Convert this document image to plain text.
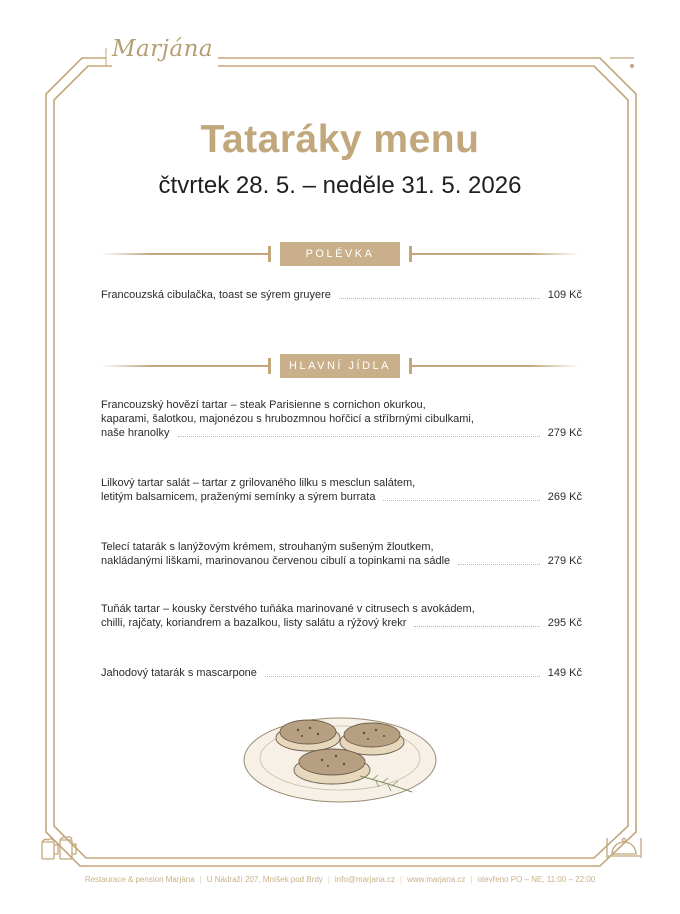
Marjána
Tataráky menu
čtvrtek 28. 5. – neděle 31. 5. 2026
POLÉVKA
Francouzská cibulačka, toast se sýrem gruyere	109 Kč
HLAVNÍ JÍDLA
Francouzský hovězí tartar – steak Parisienne s cornichon okurkou,
kaparami, šalotkou, majonézou s hrubozmnou hořčicí a stříbrnými cibulkami,
naše hranolky	279 Kč
Lilkový tartar salát – tartar z grilovaného lilku s mesclun salátem,
letitým balsamicem, praženými semínky a sýrem burrata	269 Kč
Telecí tatarák s lanýžovým krémem, strouhaným sušeným žloutkem,
nakládanými liškami, marinovanou červenou cibulí a topinkami na sádle	279 Kč
Tuňák tartar – kousky čerstvého tuňáka marinované v citrusech s avokádem,
chilli, rajčaty, koriandrem a bazalkou, listy salátu a rýžový krekr	295 Kč
Jahodový tatarák s mascarpone	149 Kč
Restaurace & pension Marjána | U Nádraží 207, Mníšek pod Brdy | info@marjana.cz | www.marjana.cz | otevřeno PO – NE, 11:00 – 22:00
